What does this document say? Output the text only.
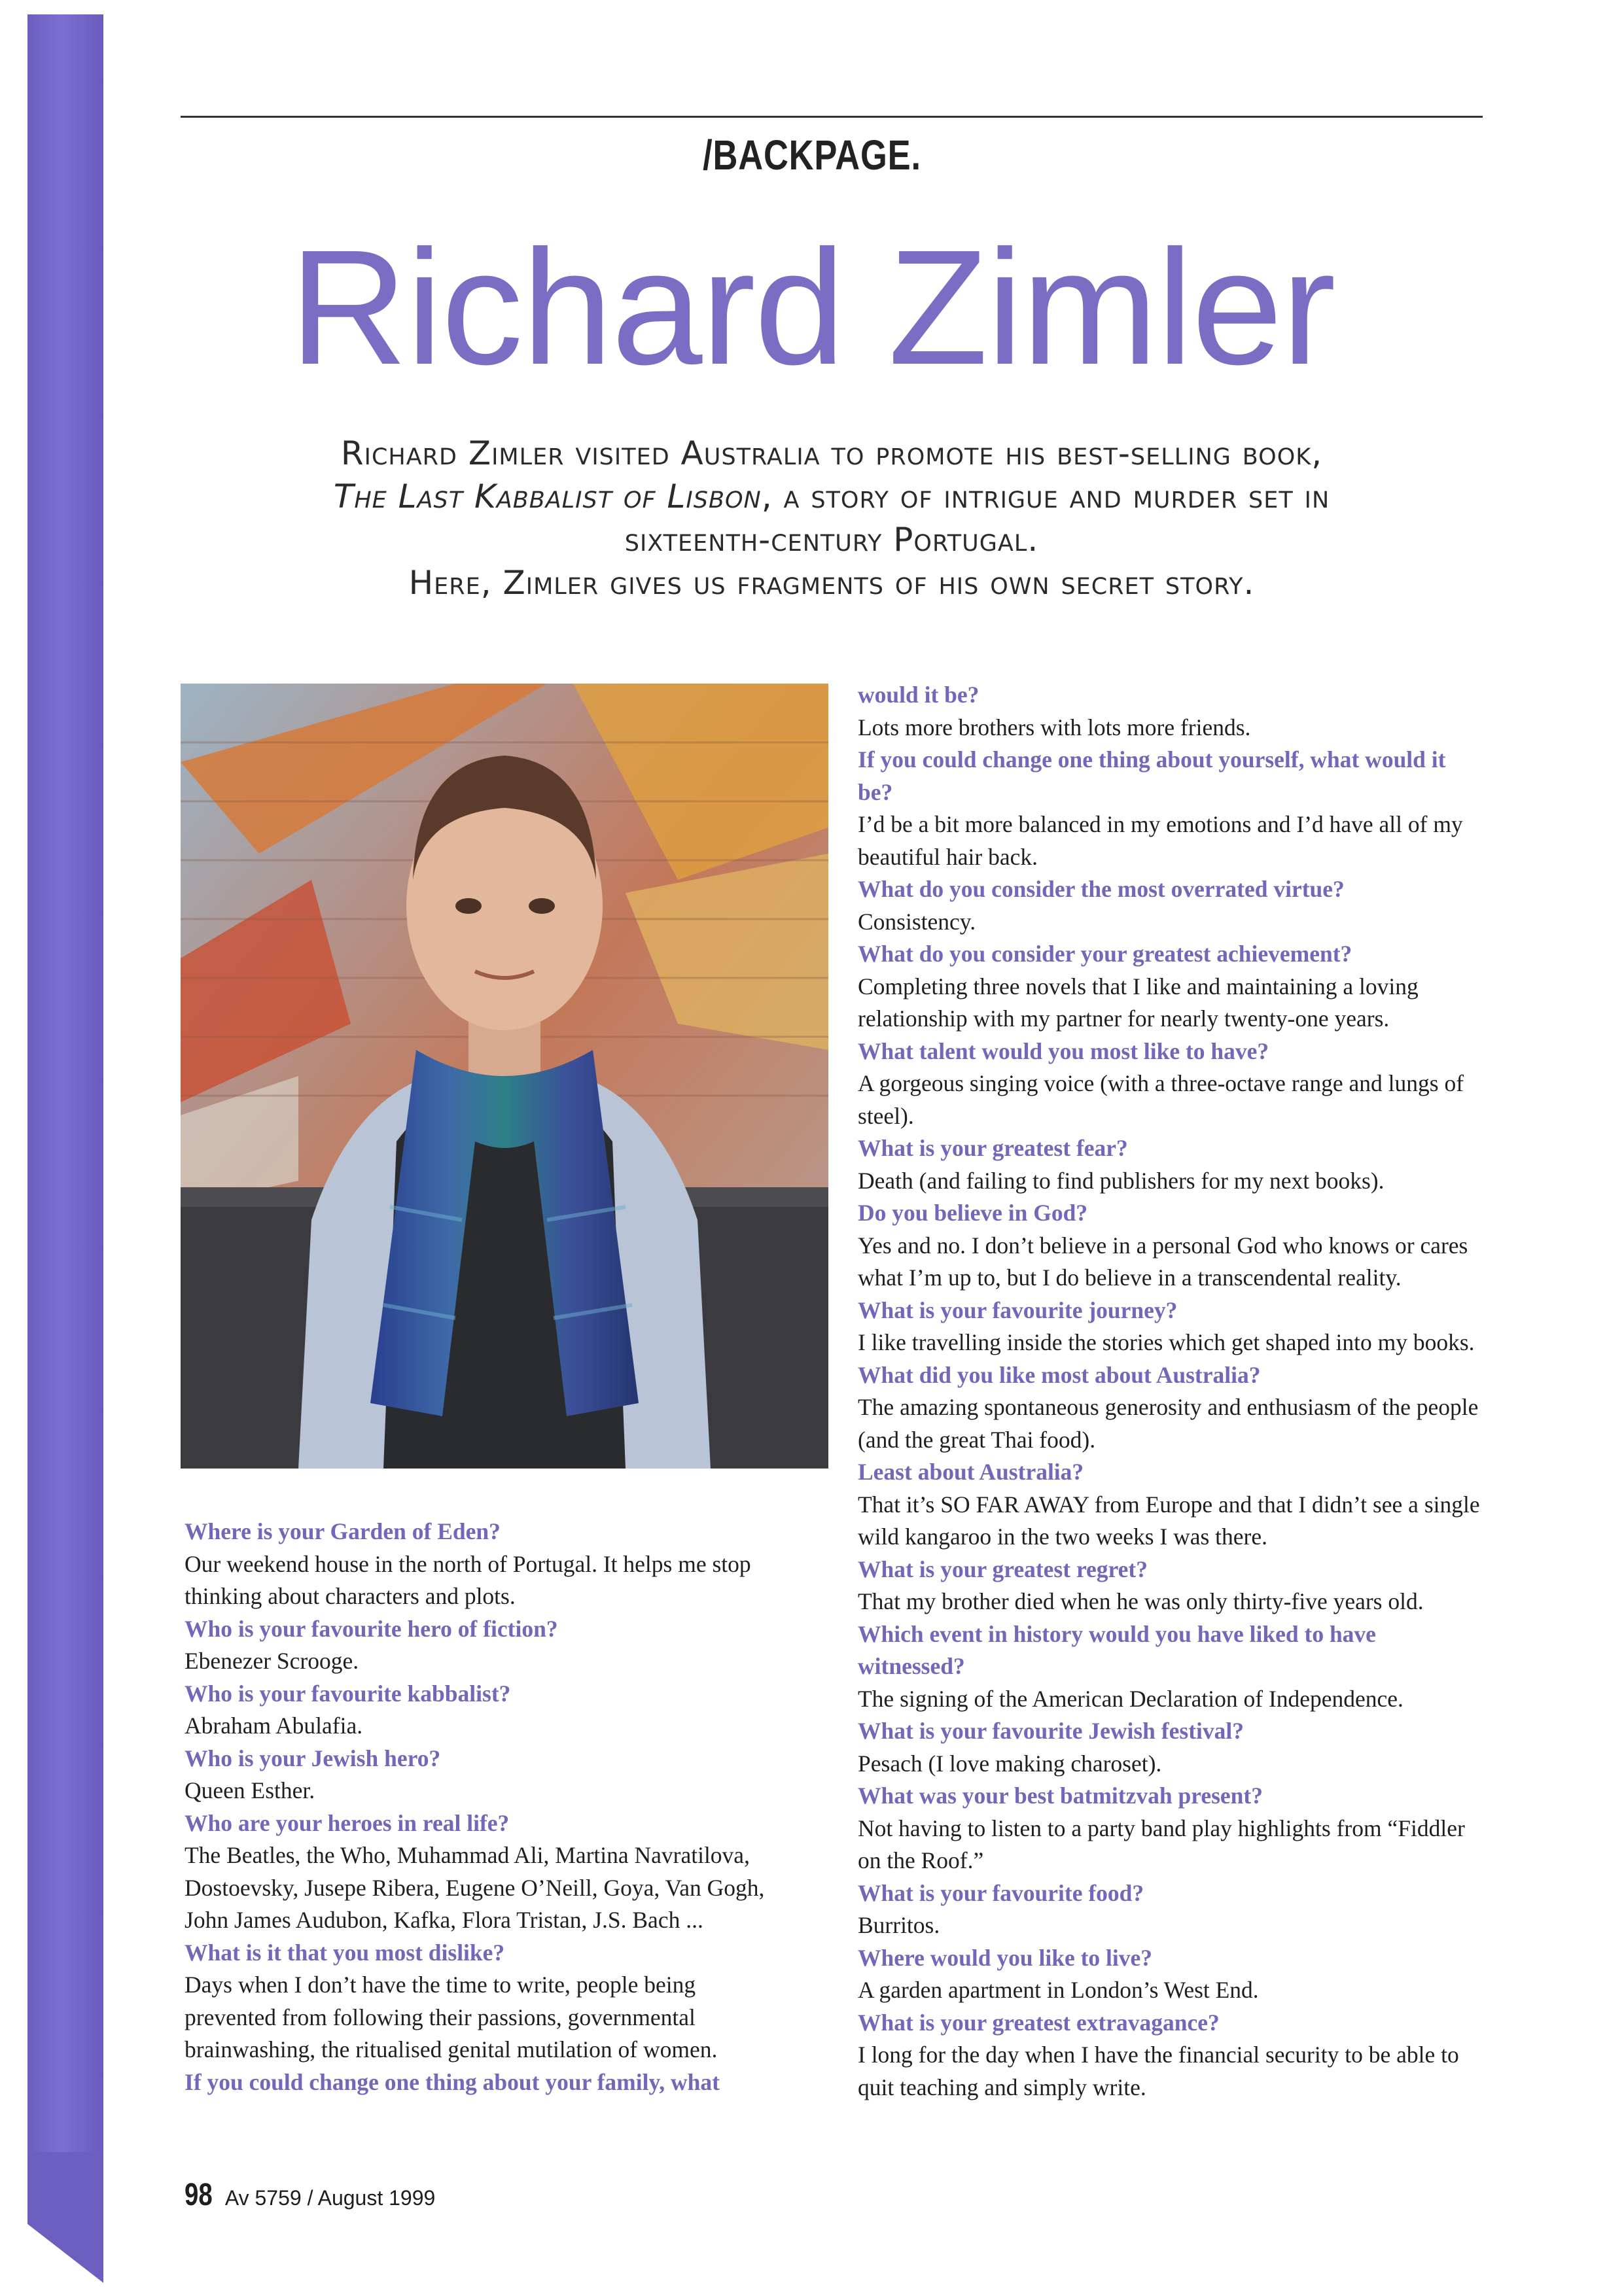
/BACKPAGE.
Richard Zimler

Richard Zimler visited Australia to promote his best-selling book,

The Last Kabbalist of Lisbon, a story of intrigue and murder set in

sixteenth-century Portugal.

Here, Zimler gives us fragments of his own secret story.

Where is your Garden of Eden?
Our weekend house in the north of Portugal. It helps me stop thinking about characters and plots.
Who is your favourite hero of fiction?
Ebenezer Scrooge.
Who is your favourite kabbalist?
Abraham Abulafia.
Who is your Jewish hero?
Queen Esther.
Who are your heroes in real life?
The Beatles, the Who, Muhammad Ali, Martina Navratilova, Dostoevsky, Jusepe Ribera, Eugene O’Neill, Goya, Van Gogh, John James Audubon, Kafka, Flora Tristan, J.S. Bach ...
What is it that you most dislike?
Days when I don’t have the time to write, people being prevented from following their passions, governmental brainwashing, the ritualised genital mutilation of women.
If you could change one thing about your family, what
would it be?
Lots more brothers with lots more friends.
If you could change one thing about yourself, what would it be?
I’d be a bit more balanced in my emotions and I’d have all of my beautiful hair back.
What do you consider the most overrated virtue?
Consistency.
What do you consider your greatest achievement?
Completing three novels that I like and maintaining a loving relationship with my partner for nearly twenty-one years.
What talent would you most like to have?
A gorgeous singing voice (with a three-octave range and lungs of steel).
What is your greatest fear?
Death (and failing to find publishers for my next books).
Do you believe in God?
Yes and no. I don’t believe in a personal God who knows or cares what I’m up to, but I do believe in a transcendental reality.
What is your favourite journey?
I like travelling inside the stories which get shaped into my books.
What did you like most about Australia?
The amazing spontaneous generosity and enthusiasm of the people (and the great Thai food).
Least about Australia?
That it’s SO FAR AWAY from Europe and that I didn’t see a single wild kangaroo in the two weeks I was there.
What is your greatest regret?
That my brother died when he was only thirty-five years old.
Which event in history would you have liked to have witnessed?
The signing of the American Declaration of Independence.
What is your favourite Jewish festival?
Pesach (I love making charoset).
What was your best batmitzvah present?
Not having to listen to a party band play highlights from “Fiddler on the Roof.”
What is your favourite food?
Burritos.
Where would you like to live?
A garden apartment in London’s West End.
What is your greatest extravagance?
I long for the day when I have the financial security to be able to quit teaching and simply write.
98 Av 5759 / August 1999
